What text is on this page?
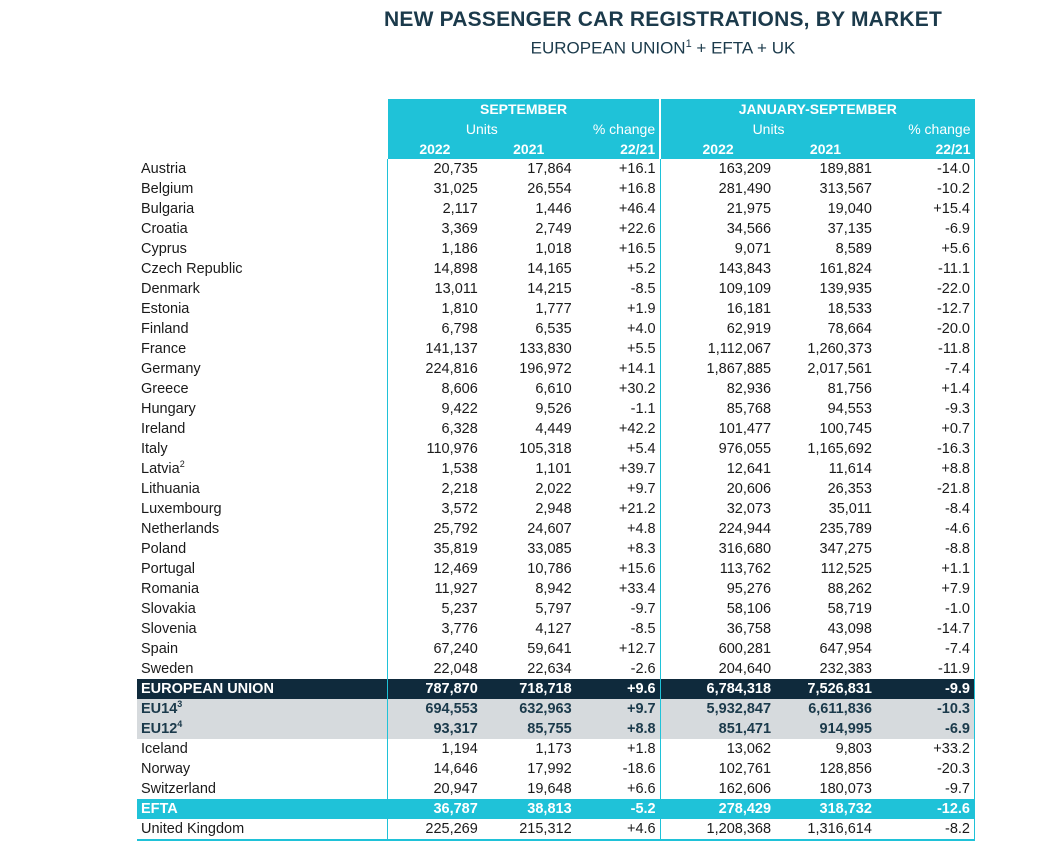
NEW PASSENGER CAR REGISTRATIONS, BY MARKET
EUROPEAN UNION$^1$ + EFTA + UK
	SEPTEMBER			JANUARY-SEPTEMBER		
	Units		% change	Units		% change
	2022	2021	22/21	2022	2021	22/21
Austria	20,735	17,864	+16.1	163,209	189,881	-14.0
Belgium	31,025	26,554	+16.8	281,490	313,567	-10.2
Bulgaria	2,117	1,446	+46.4	21,975	19,040	+15.4
Croatia	3,369	2,749	+22.6	34,566	37,135	-6.9
Cyprus	1,186	1,018	+16.5	9,071	8,589	+5.6
Czech Republic	14,898	14,165	+5.2	143,843	161,824	-11.1
Denmark	13,011	14,215	-8.5	109,109	139,935	-22.0
Estonia	1,810	1,777	+1.9	16,181	18,533	-12.7
Finland	6,798	6,535	+4.0	62,919	78,664	-20.0
France	141,137	133,830	+5.5	1,112,067	1,260,373	-11.8
Germany	224,816	196,972	+14.1	1,867,885	2,017,561	-7.4
Greece	8,606	6,610	+30.2	82,936	81,756	+1.4
Hungary	9,422	9,526	-1.1	85,768	94,553	-9.3
Ireland	6,328	4,449	+42.2	101,477	100,745	+0.7
Italy	110,976	105,318	+5.4	976,055	1,165,692	-16.3
Latvia$^2$	1,538	1,101	+39.7	12,641	11,614	+8.8
Lithuania	2,218	2,022	+9.7	20,606	26,353	-21.8
Luxembourg	3,572	2,948	+21.2	32,073	35,011	-8.4
Netherlands	25,792	24,607	+4.8	224,944	235,789	-4.6
Poland	35,819	33,085	+8.3	316,680	347,275	-8.8
Portugal	12,469	10,786	+15.6	113,762	112,525	+1.1
Romania	11,927	8,942	+33.4	95,276	88,262	+7.9
Slovakia	5,237	5,797	-9.7	58,106	58,719	-1.0
Slovenia	3,776	4,127	-8.5	36,758	43,098	-14.7
Spain	67,240	59,641	+12.7	600,281	647,954	-7.4
Sweden	22,048	22,634	-2.6	204,640	232,383	-11.9
EUROPEAN UNION	787,870	718,718	+9.6	6,784,318	7,526,831	-9.9
$EU14^3$	694,553	632,963	+9.7	5,932,847	6,611,836	-10.3
$EU12^4$	93,317	85,755	+8.8	851,471	914,995	-6.9
Iceland	1,194	1,173	+1.8	13,062	9,803	+33.2
Norway	14,646	17,992	-18.6	102,761	128,856	-20.3
Switzerland	20,947	19,648	+6.6	162,606	180,073	-9.7
EFTA	36,787	38,813	-5.2	278,429	318,732	-12.6
United Kingdom	225,269	215,312	+4.6	1,208,368	1,316,614	-8.2
